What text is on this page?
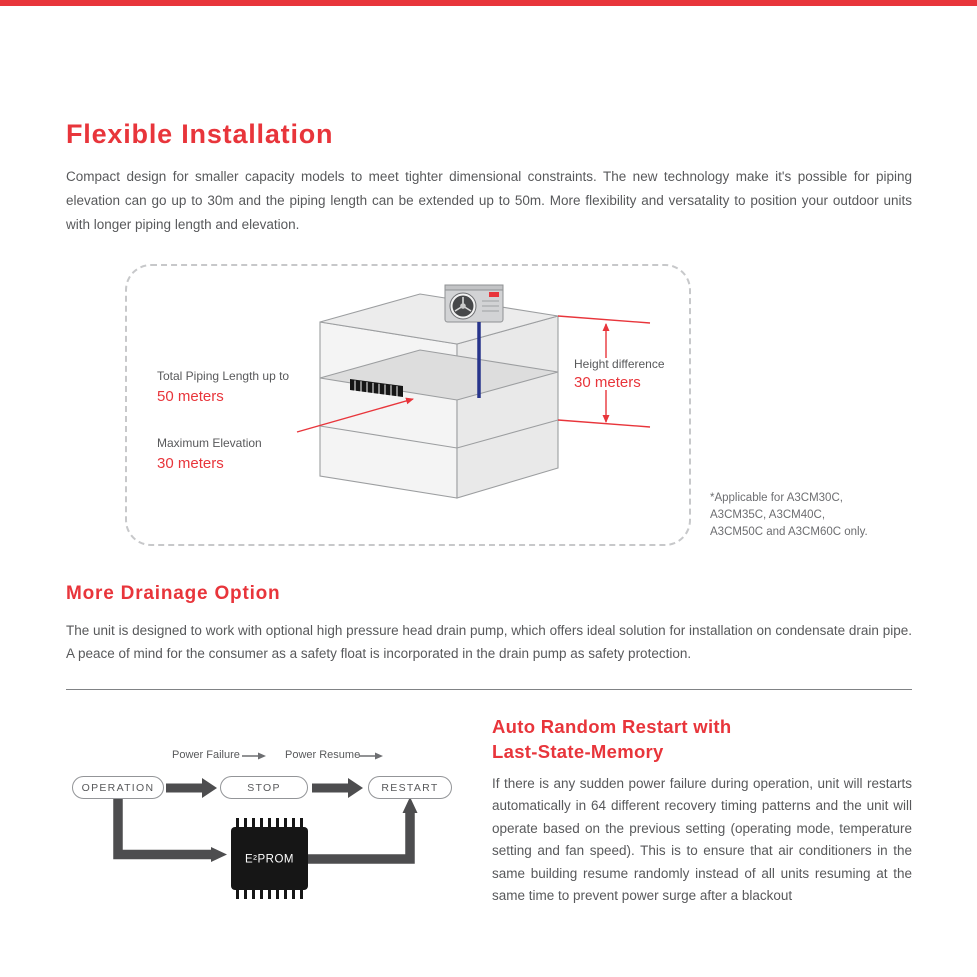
Flexible Installation

Compact design for smaller capacity models to meet tighter dimensional constraints. The new technology make it's possible for piping elevation can go up to 30m and the piping length can be extended up to 50m. More flexibility and versatality to position your outdoor units with longer piping length and elevation.

Total Piping Length up to
50 meters
Maximum Elevation
30 meters
Height difference
30 meters
*Applicable for A3CM30C,
A3CM35C, A3CM40C,
A3CM50C and A3CM60C only.
More Drainage Option

The unit is designed to work with optional high pressure head drain pump, which offers ideal solution for installation on condensate drain pipe. A peace of mind for the consumer as a safety float is incorporated in the drain pump as safety protection.

E²PROM
Power Failure	Power Resume
OPERATION	STOP	RESTART
Auto Random Restart with
Last-State-Memory

If there is any sudden power failure during operation, unit will restarts automatically in 64 different recovery timing patterns and the unit will operate based on the previous setting (operating mode, temperature setting and fan speed). This is to ensure that air conditioners in the same building resume randomly instead of all units resuming at the same time to prevent power surge after a blackout
